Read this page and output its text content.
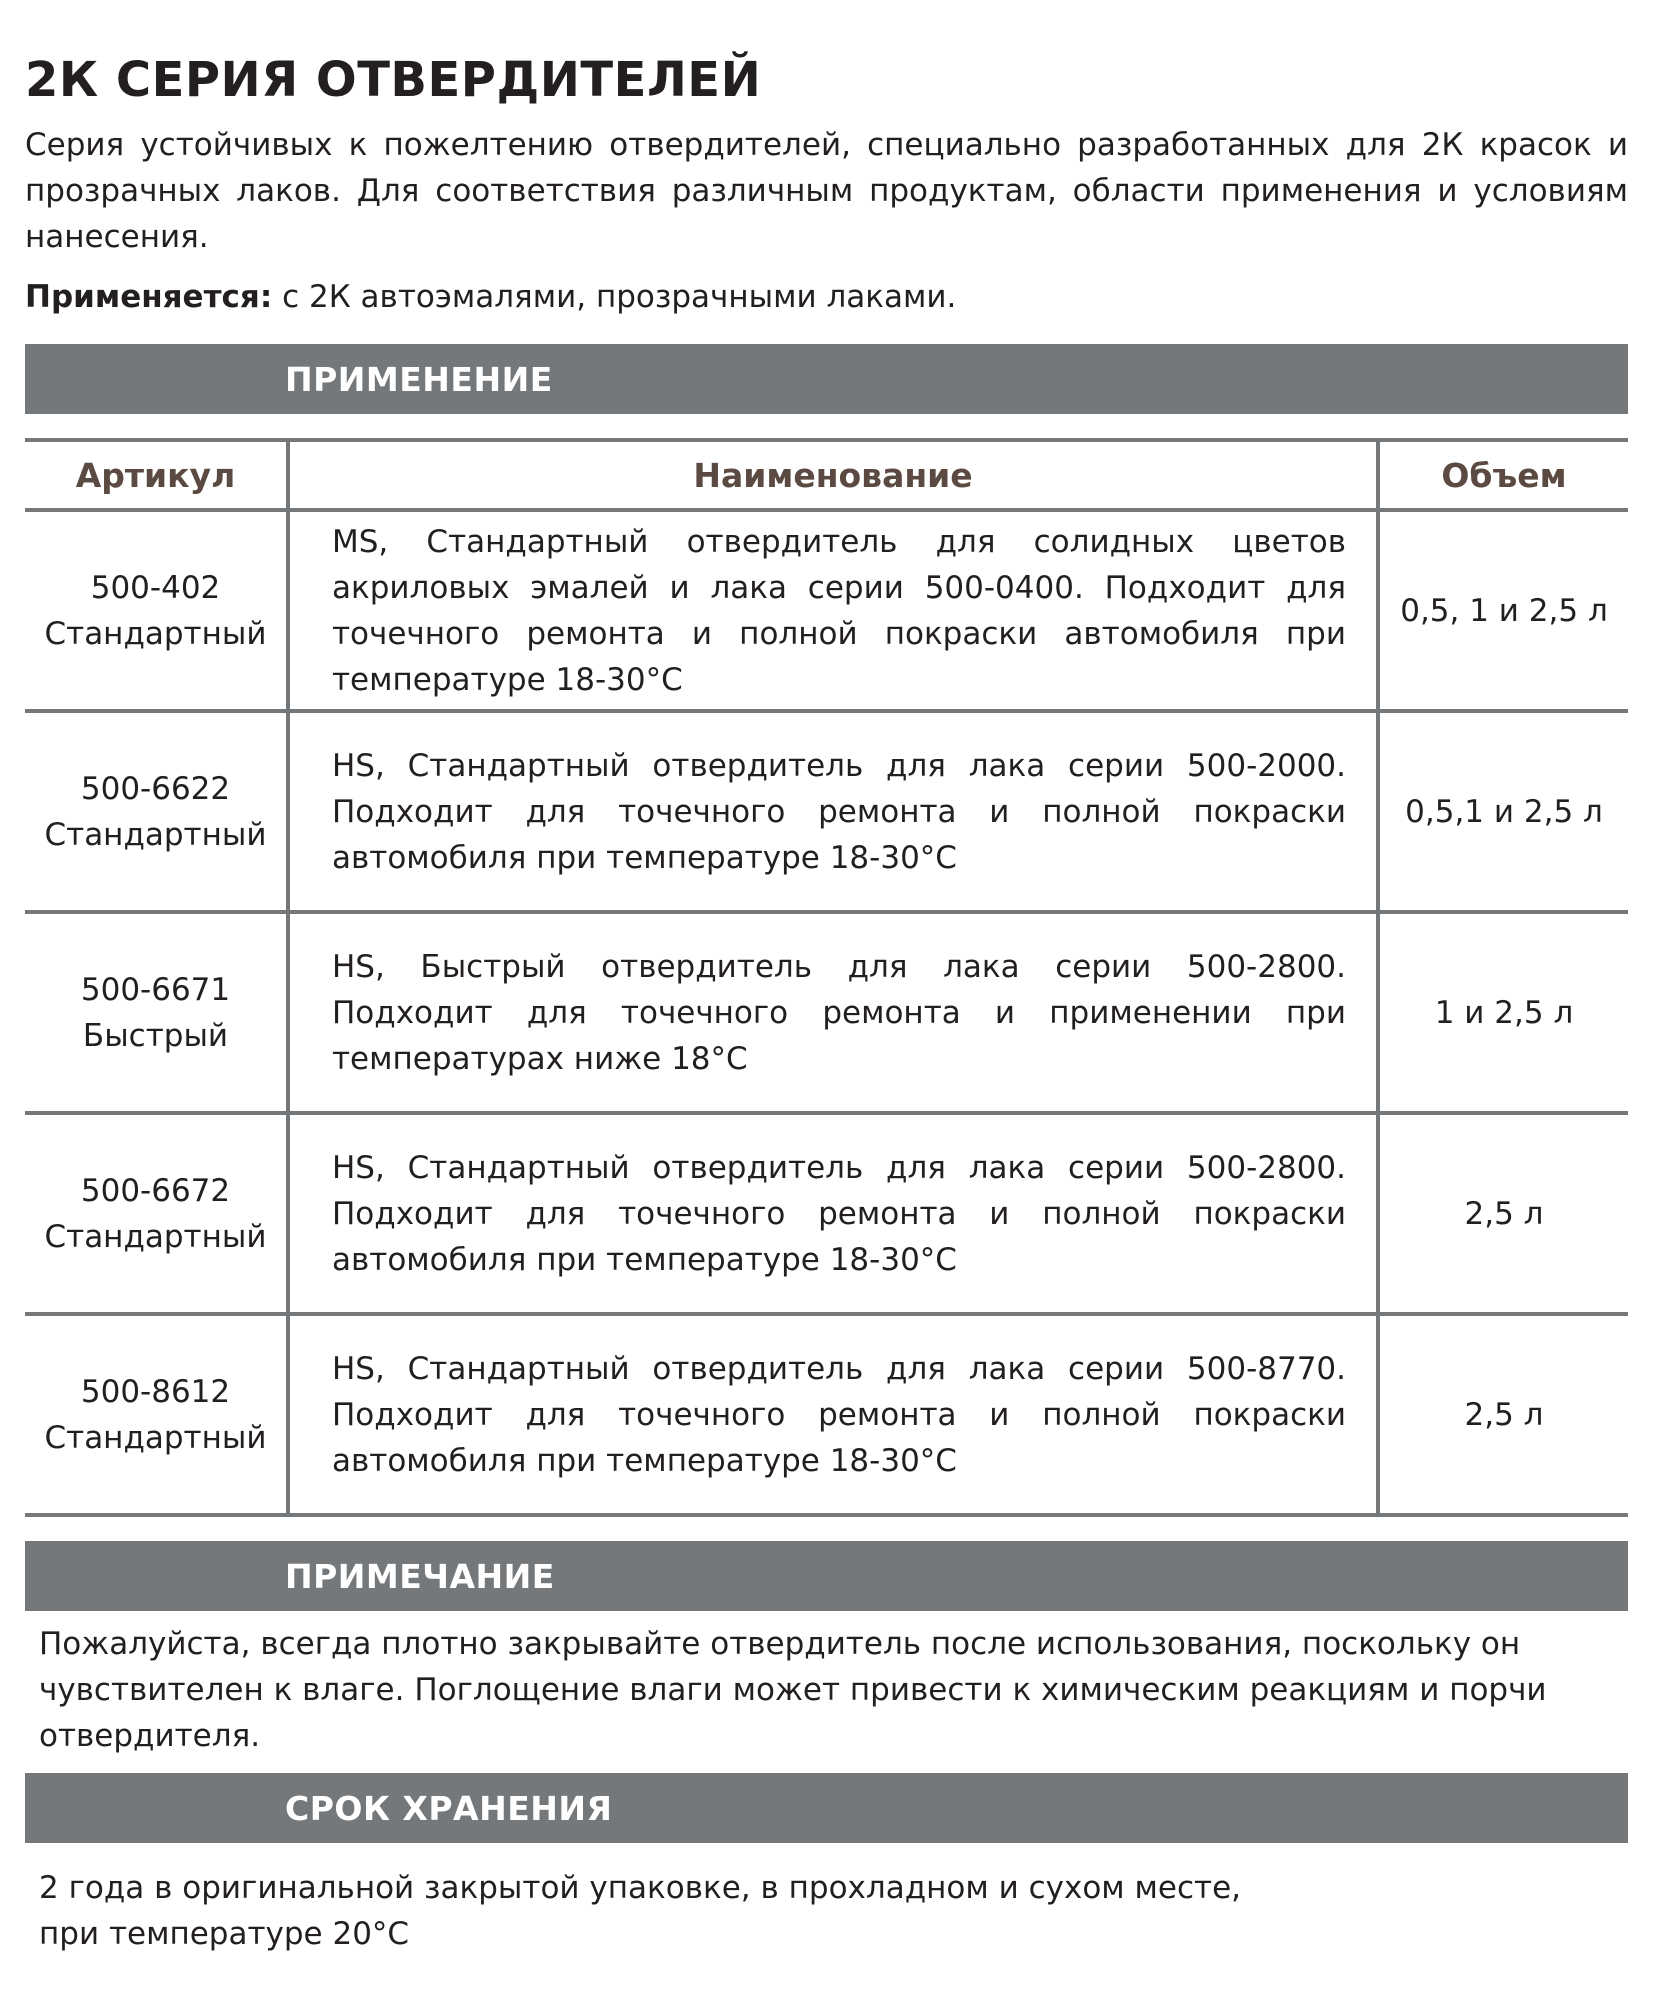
2К СЕРИЯ ОТВЕРДИТЕЛЕЙ

Серия устойчивых к пожелтению отвердителей, специально разработанных для 2К красок и прозрачных лаков. Для соответствия различным продуктам, области применения и условиям нанесения.

Применяется: с 2К автоэмалями, прозрачными лаками.

ПРИМЕНЕНИЕ
Артикул	Наименование	Объем

500-402
Стандартный	MS, Стандартный отвердитель для солидных цветов акриловых эмалей и лака серии 500-0400. Подходит для точечного ремонта и полной покраски автомобиля при температуре 18-30°С	0,5, 1 и 2,5 л

500-6622
Стандартный	HS, Стандартный отвердитель для лака серии 500-2000. Подходит для точечного ремонта и полной покраски автомобиля при температуре 18-30°С	0,5,1 и 2,5 л

500-6671
Быстрый	HS, Быстрый отвердитель для лака серии 500-2800. Подходит для точечного ремонта и применении при температурах ниже 18°С	1 и 2,5 л

500-6672
Стандартный	HS, Стандартный отвердитель для лака серии 500-2800. Подходит для точечного ремонта и полной покраски автомобиля при температуре 18-30°С	2,5 л

500-8612
Стандартный	HS, Стандартный отвердитель для лака серии 500-8770. Подходит для точечного ремонта и полной покраски автомобиля при температуре 18-30°С	2,5 л
ПРИМЕЧАНИЕ

Пожалуйста, всегда плотно закрывайте отвердитель после использования, поскольку он чувствителен к влаге. Поглощение влаги может привести к химическим реакциям и порчи отвердителя.

СРОК ХРАНЕНИЯ

2 года в оригинальной закрытой упаковке, в прохладном и сухом месте,
при температуре 20°С
